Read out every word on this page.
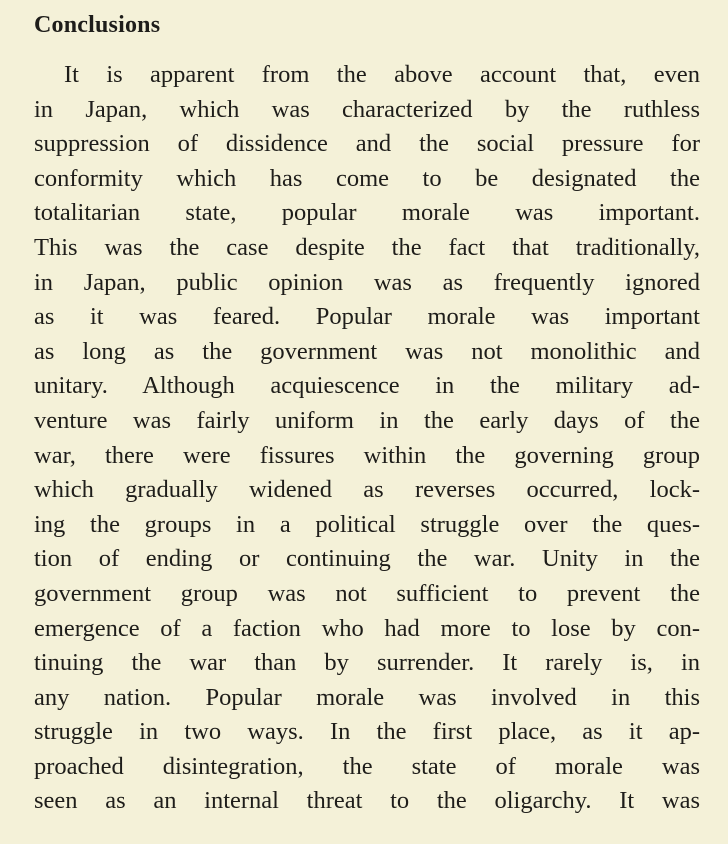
Conclusions
It is apparent from the above account that, even
in Japan, which was characterized by the ruthless
suppression of dissidence and the social pressure for
conformity which has come to be designated the
totalitarian state, popular morale was important.
This was the case despite the fact that traditionally,
in Japan, public opinion was as frequently ignored
as it was feared. Popular morale was important
as long as the government was not monolithic and
unitary. Although acquiescence in the military ad-
venture was fairly uniform in the early days of the
war, there were fissures within the governing group
which gradually widened as reverses occurred, lock-
ing the groups in a political struggle over the ques-
tion of ending or continuing the war. Unity in the
government group was not sufficient to prevent the
emergence of a faction who had more to lose by con-
tinuing the war than by surrender. It rarely is, in
any nation. Popular morale was involved in this
struggle in two ways. In the first place, as it ap-
proached disintegration, the state of morale was
seen as an internal threat to the oligarchy. It was
